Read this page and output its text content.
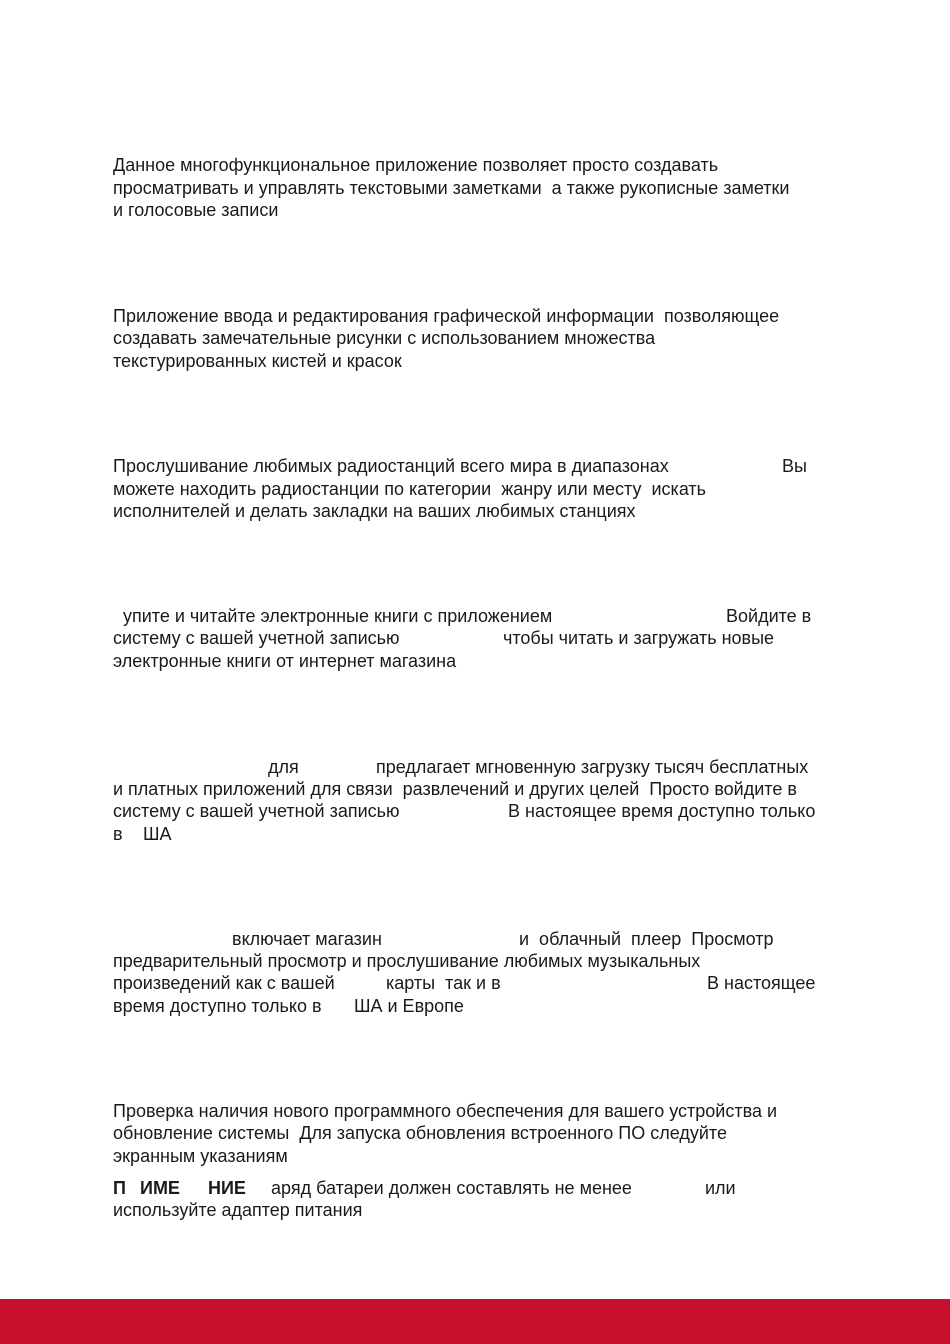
Данное многофункциональное приложение позволяет просто создавать
просматривать и управлять текстовыми заметками  а также рукописные заметки
и голосовые записи
Приложение ввода и редактирования графической информации  позволяющее
создавать замечательные рисунки с использованием множества
текстурированных кистей и красок
Прослушивание любимых радиостанций всего мира в диапазонах	Вы
можете находить радиостанции по категории  жанру или месту  искать
исполнителей и делать закладки на ваших любимых станциях
упите и читайте электронные книги с приложением	Войдите в
систему с вашей учетной записью	чтобы читать и загружать новые
электронные книги от интернет магазина
для	предлагает мгновенную загрузку тысяч бесплатных
и платных приложений для связи  развлечений и других целей  Просто войдите в
систему с вашей учетной записью	В настоящее время доступно только
в ША
включает магазин	и  облачный  плеер  Просмотр
предварительный просмотр и прослушивание любимых музыкальных
произведений как с вашей	карты  так и в	В настоящее
время доступно только в ША и Европе
Проверка наличия нового программного обеспечения для вашего устройства и
обновление системы  Для запуска обновления встроенного ПО следуйте
экранным указаниям
П ИМЕ НИЕ аряд батареи должен составлять не менее	или
используйте адаптер питания
